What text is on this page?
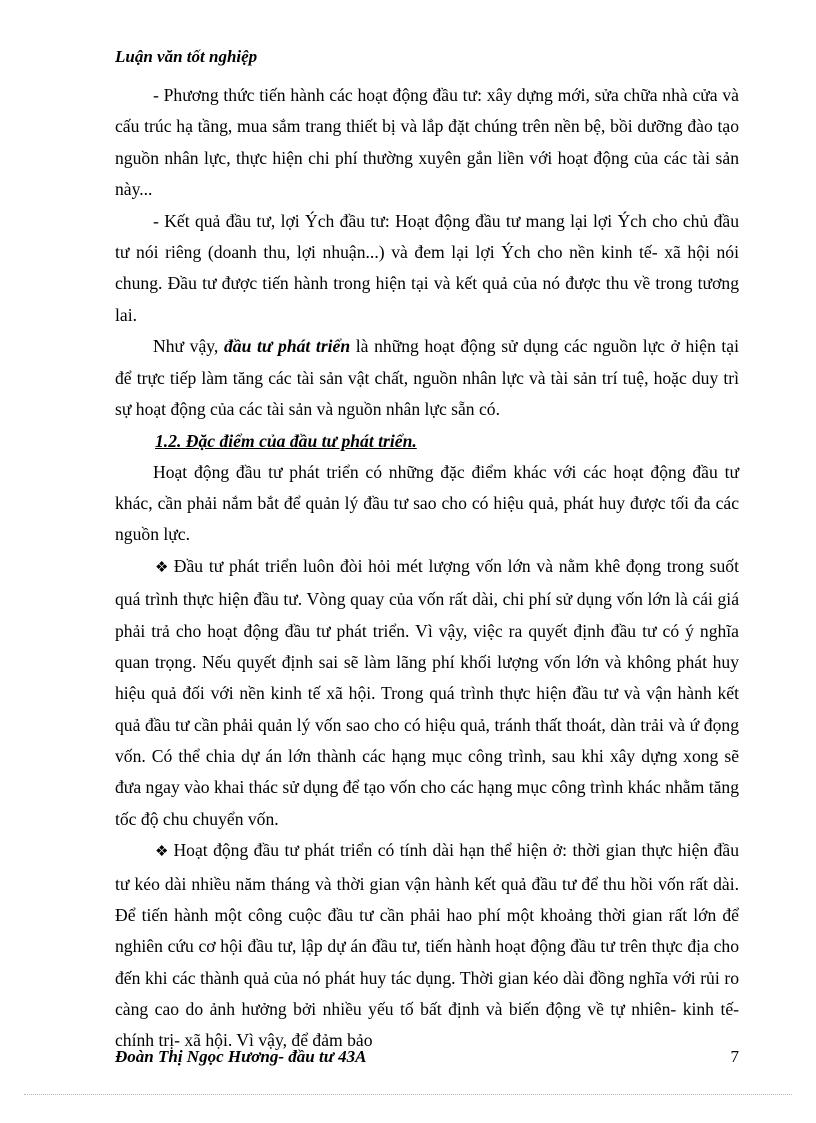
Luận văn tốt nghiệp

- Phương thức tiến hành các hoạt động đầu tư: xây dựng mới, sửa chữa nhà cửa và cấu trúc hạ tầng, mua sắm trang thiết bị và lắp đặt chúng trên nền bệ, bồi dưỡng đào tạo nguồn nhân lực, thực hiện chi phí thường xuyên gắn liền với hoạt động của các tài sản này...

- Kết quả đầu tư, lợi Ých đầu tư: Hoạt động đầu tư mang lại lợi Ých cho chủ đầu tư nói riêng (doanh thu, lợi nhuận...) và đem lại lợi Ých cho nền kinh tế- xã hội nói chung. Đầu tư được tiến hành trong hiện tại và kết quả của nó được thu về trong tương lai.

Như vậy, đầu tư phát triển là những hoạt động sử dụng các nguồn lực ở hiện tại để trực tiếp làm tăng các tài sản vật chất, nguồn nhân lực và tài sản trí tuệ, hoặc duy trì sự hoạt động của các tài sản và nguồn nhân lực sẵn có.

1.2. Đặc điểm của đầu tư phát triển.

Hoạt động đầu tư phát triển có những đặc điểm khác với các hoạt động đầu tư khác, cần phải nắm bắt để quản lý đầu tư sao cho có hiệu quả, phát huy được tối đa các nguồn lực.

❖ Đầu tư phát triển luôn đòi hỏi mét lượng vốn lớn và nằm khê đọng trong suốt quá trình thực hiện đầu tư. Vòng quay của vốn rất dài, chi phí sử dụng vốn lớn là cái giá phải trả cho hoạt động đầu tư phát triển. Vì vậy, việc ra quyết định đầu tư có ý nghĩa quan trọng. Nếu quyết định sai sẽ làm lãng phí khối lượng vốn lớn và không phát huy hiệu quả đối với nền kinh tế xã hội. Trong quá trình thực hiện đầu tư và vận hành kết quả đầu tư cần phải quản lý vốn sao cho có hiệu quả, tránh thất thoát, dàn trải và ứ đọng vốn. Có thể chia dự án lớn thành các hạng mục công trình, sau khi xây dựng xong sẽ đưa ngay vào khai thác sử dụng để tạo vốn cho các hạng mục công trình khác nhằm tăng tốc độ chu chuyển vốn.

❖ Hoạt động đầu tư phát triển có tính dài hạn thể hiện ở: thời gian thực hiện đầu tư kéo dài nhiều năm tháng và thời gian vận hành kết quả đầu tư để thu hồi vốn rất dài. Để tiến hành một công cuộc đầu tư cần phải hao phí một khoảng thời gian rất lớn để nghiên cứu cơ hội đầu tư, lập dự án đầu tư, tiến hành hoạt động đầu tư trên thực địa cho đến khi các thành quả của nó phát huy tác dụng. Thời gian kéo dài đồng nghĩa với rủi ro càng cao do ảnh hưởng bởi nhiều yếu tố bất định và biến động về tự nhiên- kinh tế- chính trị- xã hội. Vì vậy, để đảm bảo

Đoàn Thị Ngọc Hương- đầu tư 43A	7
